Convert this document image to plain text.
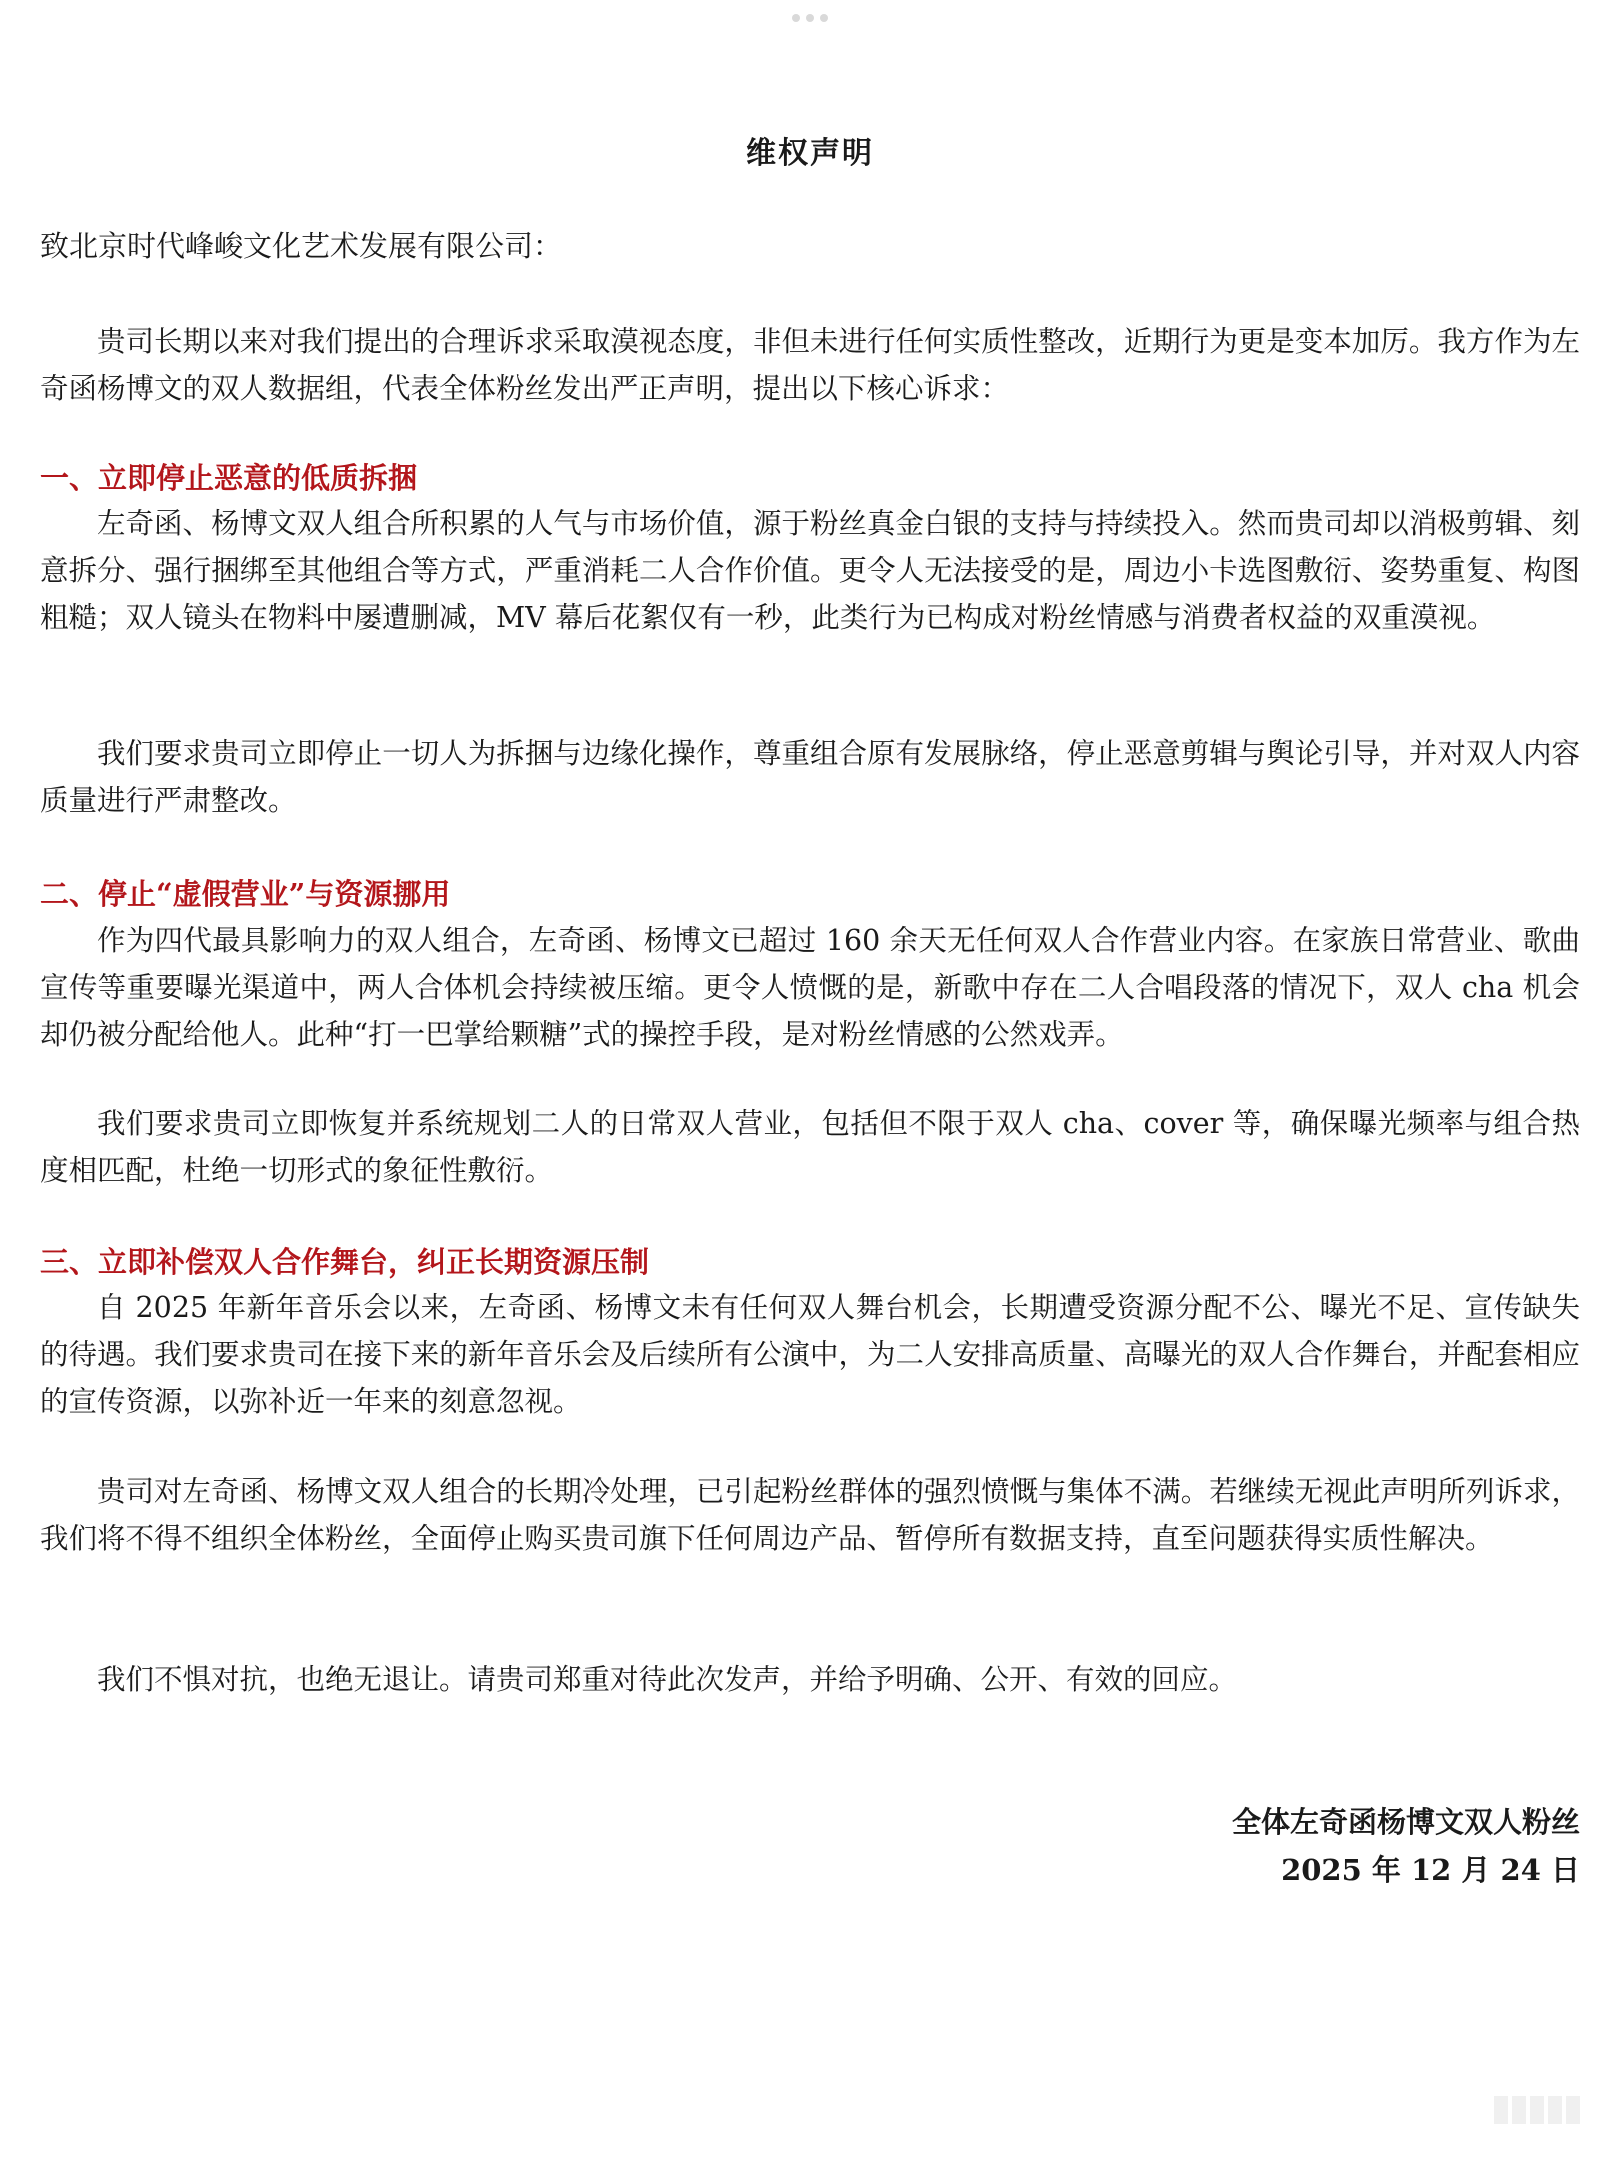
维权声明

致北京时代峰峻文化艺术发展有限公司：

贵司长期以来对我们提出的合理诉求采取漠视态度，非但未进行任何实质性整改，近期行为更是变本加厉。我方作为左奇函杨博文的双人数据组，代表全体粉丝发出严正声明，提出以下核心诉求：

一、立即停止恶意的低质拆捆

左奇函、杨博文双人组合所积累的人气与市场价值，源于粉丝真金白银的支持与持续投入。然而贵司却以消极剪辑、刻意拆分、强行捆绑至其他组合等方式，严重消耗二人合作价值。更令人无法接受的是，周边小卡选图敷衍、姿势重复、构图粗糙；双人镜头在物料中屡遭删减，MV 幕后花絮仅有一秒，此类行为已构成对粉丝情感与消费者权益的双重漠视。

我们要求贵司立即停止一切人为拆捆与边缘化操作，尊重组合原有发展脉络，停止恶意剪辑与舆论引导，并对双人内容质量进行严肃整改。

二、停止“虚假营业”与资源挪用

作为四代最具影响力的双人组合，左奇函、杨博文已超过 160 余天无任何双人合作营业内容。在家族日常营业、歌曲宣传等重要曝光渠道中，两人合体机会持续被压缩。更令人愤慨的是，新歌中存在二人合唱段落的情况下，双人 cha 机会却仍被分配给他人。此种“打一巴掌给颗糖”式的操控手段，是对粉丝情感的公然戏弄。

我们要求贵司立即恢复并系统规划二人的日常双人营业，包括但不限于双人 cha、cover 等，确保曝光频率与组合热度相匹配，杜绝一切形式的象征性敷衍。

三、立即补偿双人合作舞台，纠正长期资源压制

自 2025 年新年音乐会以来，左奇函、杨博文未有任何双人舞台机会，长期遭受资源分配不公、曝光不足、宣传缺失的待遇。我们要求贵司在接下来的新年音乐会及后续所有公演中，为二人安排高质量、高曝光的双人合作舞台，并配套相应的宣传资源，以弥补近一年来的刻意忽视。

贵司对左奇函、杨博文双人组合的长期冷处理，已引起粉丝群体的强烈愤慨与集体不满。若继续无视此声明所列诉求，我们将不得不组织全体粉丝，全面停止购买贵司旗下任何周边产品、暂停所有数据支持，直至问题获得实质性解决。

我们不惧对抗，也绝无退让。请贵司郑重对待此次发声，并给予明确、公开、有效的回应。

全体左奇函杨博文双人粉丝

2025 年 12 月 24 日
